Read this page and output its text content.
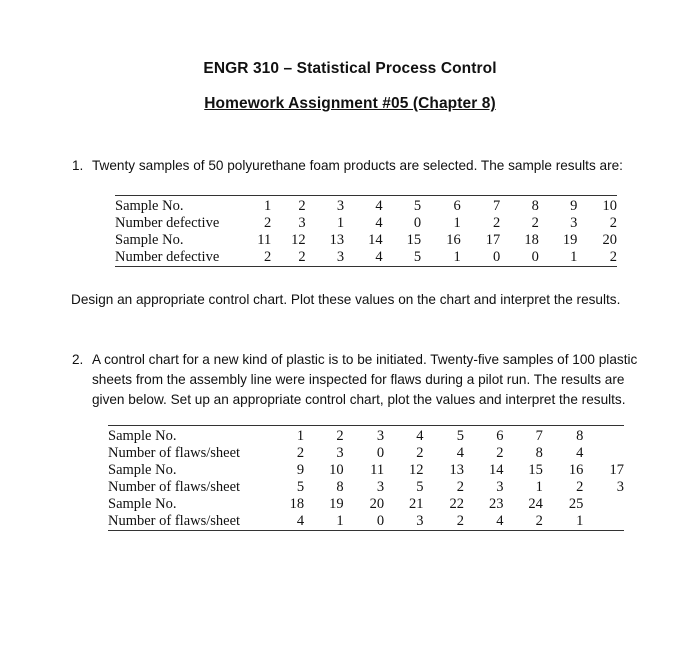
ENGR 310 – Statistical Process Control
Homework Assignment #05 (Chapter 8)
1. Twenty samples of 50 polyurethane foam products are selected. The sample results are:
Sample No.	1	2	3	4	5	6	7	8	9	10
Number defective	2	3	1	4	0	1	2	2	3	2
Sample No.	11	12	13	14	15	16	17	18	19	20
Number defective	2	2	3	4	5	1	0	0	1	2
Design an appropriate control chart. Plot these values on the chart and interpret the results.
2. A control chart for a new kind of plastic is to be initiated. Twenty-five samples of 100 plastic
sheets from the assembly line were inspected for flaws during a pilot run. The results are
given below. Set up an appropriate control chart, plot the values and interpret the results.
Sample No.	1	2	3	4	5	6	7	8	
Number of flaws/sheet	2	3	0	2	4	2	8	4	
Sample No.	9	10	11	12	13	14	15	16	17
Number of flaws/sheet	5	8	3	5	2	3	1	2	3
Sample No.	18	19	20	21	22	23	24	25	
Number of flaws/sheet	4	1	0	3	2	4	2	1	
